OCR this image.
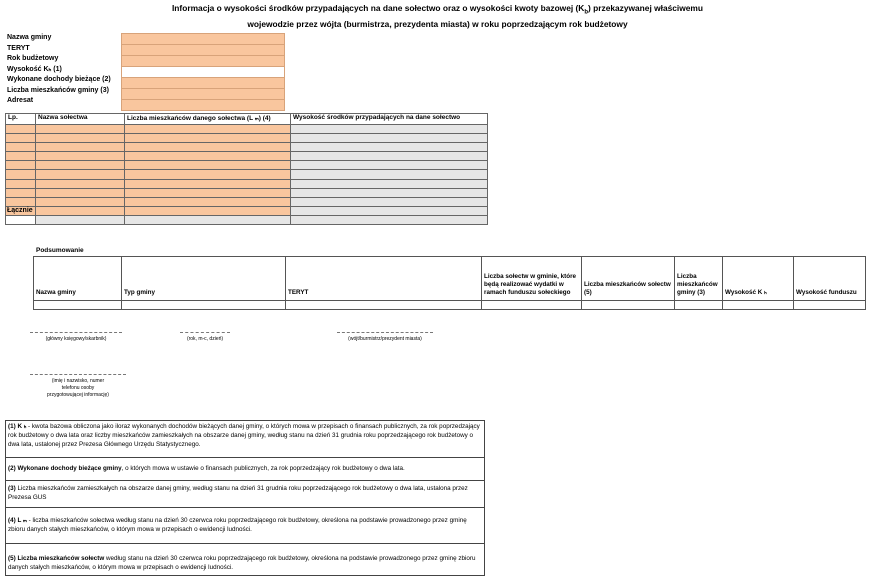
Informacja o wysokości środków przypadających na dane sołectwo oraz o wysokości kwoty bazowej $(K_b)$ przekazywanej właściwemu
wojewodzie przez wójta (burmistrza, prezydenta miasta) w roku poprzedzającym rok budżetowy
Nazwa gminy
TERYT
Rok budżetowy
Wysokość Kₕ (1)
Wykonane dochody bieżące (2)
Liczba mieszkańców gminy (3)
Adresat
Lp.	Nazwa sołectwa	Liczba mieszkańców danego sołectwa (L ₘ) (4)	Wysokość środków przypadających na dane sołectwo

Łącznie
Podsumowanie
Nazwa gminy	Typ gminy	TERYT	Liczba sołectw w gminie, które będą realizować wydatki w ramach funduszu sołeckiego	Liczba mieszkańców sołectw (5)	Liczba mieszkańców gminy (3)	Wysokość K ₕ	Wysokość funduszu

(główny księgowy/skarbnik)	(rok, m-c, dzień)	(wójt/burmistrz/prezydent miasta)
(imię i nazwisko, numer telefonu osoby przygotowującej informację)
(1) K ₕ - kwota bazowa obliczona jako iloraz wykonanych dochodów bieżących danej gminy, o których mowa w przepisach o finansach publicznych, za rok poprzedzający rok budżetowy o dwa lata oraz liczby mieszkańców zamieszkałych na obszarze danej gminy, według stanu na dzień 31 grudnia roku poprzedzającego rok budżetowy o dwa lata, ustalonej przez Prezesa Głównego Urzędu Statystycznego.
(2) Wykonane dochody bieżące gminy, o których mowa w ustawie o finansach publicznych, za rok poprzedzający rok budżetowy o dwa lata.
(3) Liczba mieszkańców zamieszkałych na obszarze danej gminy, według stanu na dzień 31 grudnia roku poprzedzającego rok budżetowy o dwa lata, ustalona przez Prezesa GUS
(4) L ₘ - liczba mieszkańców sołectwa według stanu na dzień 30 czerwca roku poprzedzającego rok budżetowy, określona na podstawie prowadzonego przez gminę zbioru danych stałych mieszkańców, o którym mowa w przepisach o ewidencji ludności.
(5) Liczba mieszkańców sołectw według stanu na dzień 30 czerwca roku poprzedzającego rok budżetowy, określona na podstawie prowadzonego przez gminę zbioru danych stałych mieszkańców, o którym mowa w przepisach o ewidencji ludności.
